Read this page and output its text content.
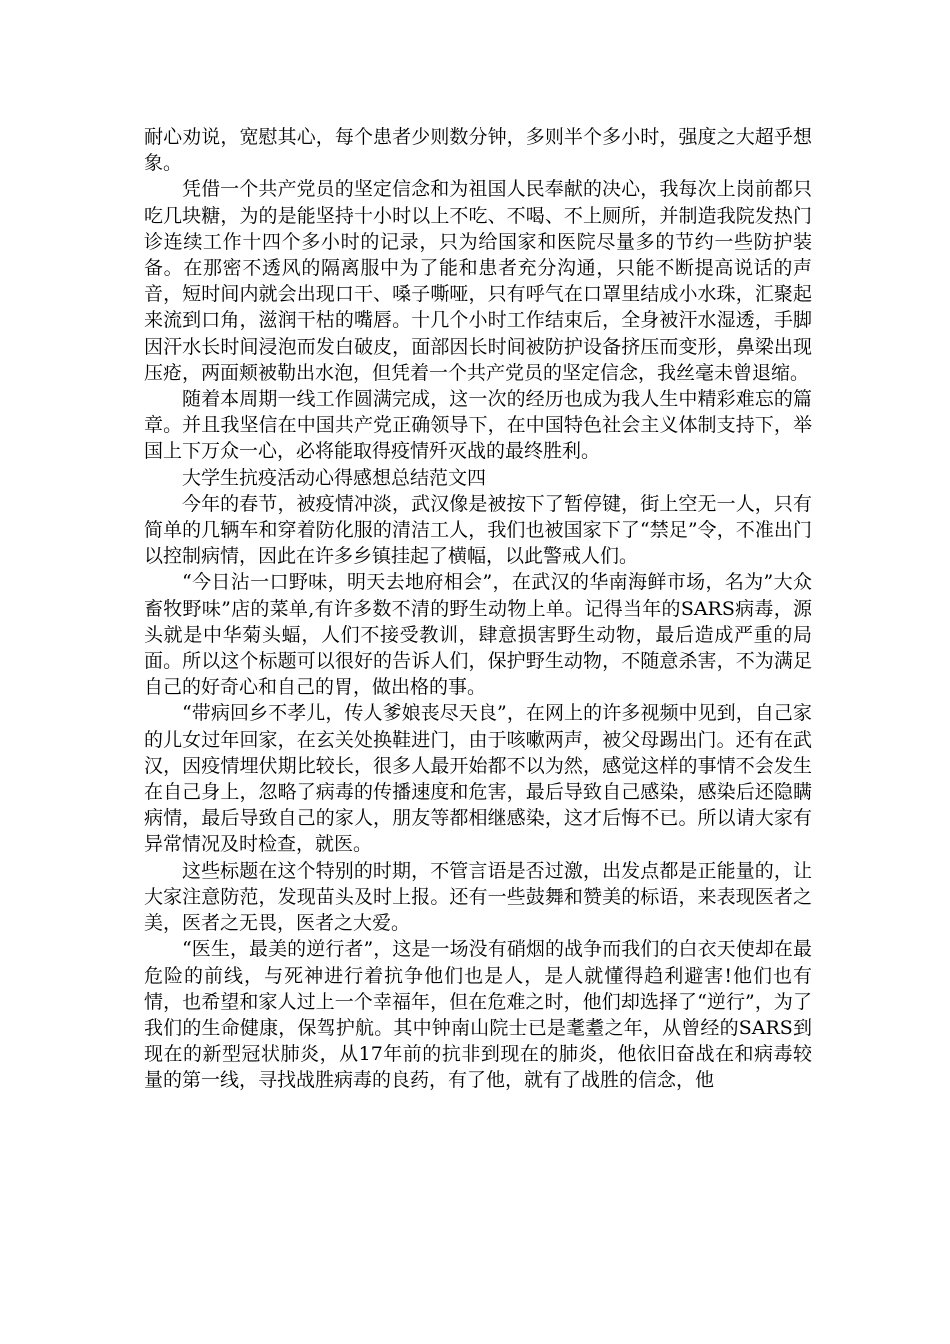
耐心劝说，宽慰其心，每个患者少则数分钟，多则半个多小时，强度之大超乎想象。

凭借一个共产党员的坚定信念和为祖国人民奉献的决心，我每次上岗前都只吃几块糖，为的是能坚持十小时以上不吃、不喝、不上厕所，并制造我院发热门诊连续工作十四个多小时的记录，只为给国家和医院尽量多的节约一些防护装备。在那密不透风的隔离服中为了能和患者充分沟通，只能不断提高说话的声音，短时间内就会出现口干、嗓子嘶哑，只有呼气在口罩里结成小水珠，汇聚起来流到口角，滋润干枯的嘴唇。十几个小时工作结束后，全身被汗水湿透，手脚因汗水长时间浸泡而发白破皮，面部因长时间被防护设备挤压而变形，鼻梁出现压疮，两面颊被勒出水泡，但凭着一个共产党员的坚定信念，我丝毫未曾退缩。

随着本周期一线工作圆满完成，这一次的经历也成为我人生中精彩难忘的篇章。并且我坚信在中国共产党正确领导下，在中国特色社会主义体制支持下，举国上下万众一心，必将能取得疫情歼灭战的最终胜利。

大学生抗疫活动心得感想总结范文四

今年的春节，被疫情冲淡，武汉像是被按下了暂停键，街上空无一人，只有简单的几辆车和穿着防化服的清洁工人，我们也被国家下了“禁足”令，不准出门以控制病情，因此在许多乡镇挂起了横幅，以此警戒人们。

“今日沾一口野味，明天去地府相会”，在武汉的华南海鲜市场，名为”大众畜牧野味”店的菜单,有许多数不清的野生动物上单。记得当年的SARS病毒，源头就是中华菊头蝠，人们不接受教训，肆意损害野生动物，最后造成严重的局面。所以这个标题可以很好的告诉人们，保护野生动物，不随意杀害，不为满足自己的好奇心和自己的胃，做出格的事。

“带病回乡不孝儿，传人爹娘丧尽天良”，在网上的许多视频中见到，自己家的儿女过年回家，在玄关处换鞋进门，由于咳嗽两声，被父母踢出门。还有在武汉，因疫情埋伏期比较长，很多人最开始都不以为然，感觉这样的事情不会发生在自己身上，忽略了病毒的传播速度和危害，最后导致自己感染，感染后还隐瞒病情，最后导致自己的家人，朋友等都相继感染，这才后悔不已。所以请大家有异常情况及时检查，就医。

这些标题在这个特别的时期，不管言语是否过激，出发点都是正能量的，让大家注意防范，发现苗头及时上报。还有一些鼓舞和赞美的标语，来表现医者之美，医者之无畏，医者之大爱。

“医生，最美的逆行者”，这是一场没有硝烟的战争而我们的白衣天使却在最危险的前线，与死神进行着抗争他们也是人，是人就懂得趋利避害!他们也有情，也希望和家人过上一个幸福年，但在危难之时，他们却选择了“逆行”，为了我们的生命健康，保驾护航。其中钟南山院士已是耄耋之年，从曾经的SARS到现在的新型冠状肺炎，从17年前的抗非到现在的肺炎，他依旧奋战在和病毒较量的第一线，寻找战胜病毒的良药，有了他，就有了战胜的信念，他
